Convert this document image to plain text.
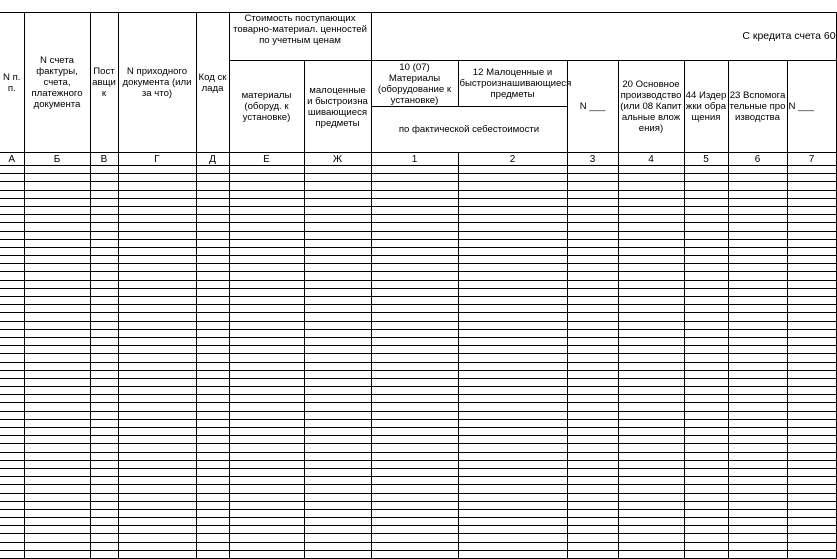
N п. п.	N счета фактуры, счета, платежного документа	Поставщик	N приходного документа (или за что)	Код склада	Стоимость поступающих товарно-материал. ценностей по учетным ценам		С кредита счета 60						
					материалы (оборуд. к установке)	малоценные и быстроизнашивающиеся предметы	10 (07) Материалы (оборудование к установке)	12 Малоценные и быстроизнашивающиеся предметы	N ___	20 Основное производство (или 08 Капитальные вложения)	44 Издержки обращения	23 Вспомогательные производства	N ___
							по фактической себестоимости						
А	Б	В	Г	Д	Е	Ж	1	2	3	4	5	6	7
